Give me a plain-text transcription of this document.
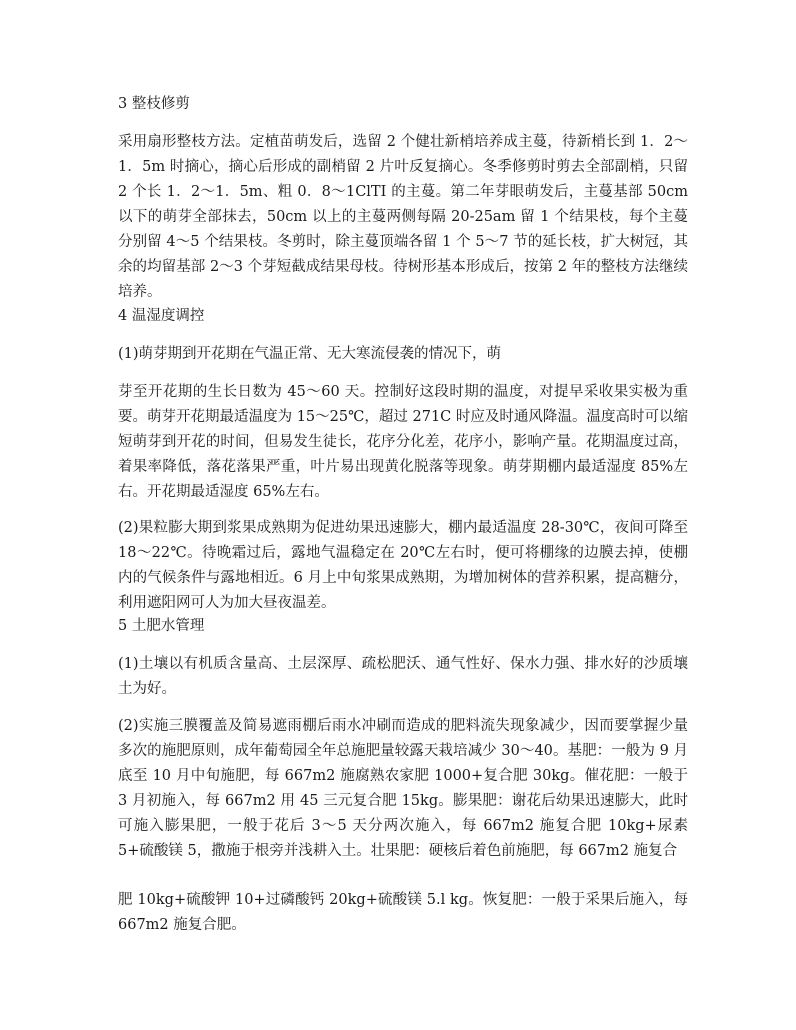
3 整枝修剪
采用扇形整枝方法。定植苗萌发后，选留 2 个健壮新梢培养成主蔓，待新梢长到 1．2～1．5m 时摘心，摘心后形成的副梢留 2 片叶反复摘心。冬季修剪时剪去全部副梢，只留 2 个长 1．2～1．5m、粗 0．8～1ClTI 的主蔓。第二年芽眼萌发后，主蔓基部 50cm 以下的萌芽全部抹去，50cm 以上的主蔓两侧每隔 20-25am 留 1 个结果枝，每个主蔓分别留 4～5 个结果枝。冬剪时，除主蔓顶端各留 1 个 5～7 节的延长枝，扩大树冠，其余的均留基部 2～3 个芽短截成结果母枝。待树形基本形成后，按第 2 年的整枝方法继续培养。
4 温湿度调控
(1)萌芽期到开花期在气温正常、无大寒流侵袭的情况下，萌
芽至开花期的生长日数为 45～60 天。控制好这段时期的温度，对提早采收果实极为重要。萌芽开花期最适温度为 15～25℃，超过 271C 时应及时通风降温。温度高时可以缩短萌芽到开花的时间，但易发生徒长，花序分化差，花序小，影响产量。花期温度过高，着果率降低，落花落果严重，叶片易出现黄化脱落等现象。萌芽期棚内最适湿度 85%左右。开花期最适湿度 65%左右。
(2)果粒膨大期到浆果成熟期为促进幼果迅速膨大，棚内最适温度 28-30℃，夜间可降至 18～22℃。待晚霜过后，露地气温稳定在 20℃左右时，便可将棚缘的边膜去掉，使棚内的气候条件与露地相近。6 月上中旬浆果成熟期，为增加树体的营养积累，提高糖分，利用遮阳网可人为加大昼夜温差。
5 土肥水管理
(1)土壤以有机质含量高、土层深厚、疏松肥沃、通气性好、保水力强、排水好的沙质壤土为好。
(2)实施三膜覆盖及简易遮雨棚后雨水冲刷而造成的肥料流失现象减少，因而要掌握少量多次的施肥原则，成年葡萄园全年总施肥量较露天栽培减少 30～40。基肥：一般为 9 月底至 10 月中旬施肥，每 667m2 施腐熟农家肥 1000+复合肥 30kg。催花肥：一般于 3 月初施入，每 667m2 用 45 三元复合肥 15kg。膨果肥：谢花后幼果迅速膨大，此时可施入膨果肥，一般于花后 3～5 天分两次施入，每 667m2 施复合肥 10kg+尿素 5+硫酸镁 5，撒施于根旁并浅耕入土。壮果肥：硬核后着色前施肥，每 667m2 施复合
肥 10kg+硫酸钾 10+过磷酸钙 20kg+硫酸镁 5.l kg。恢复肥：一般于采果后施入，每 667m2 施复合肥。
